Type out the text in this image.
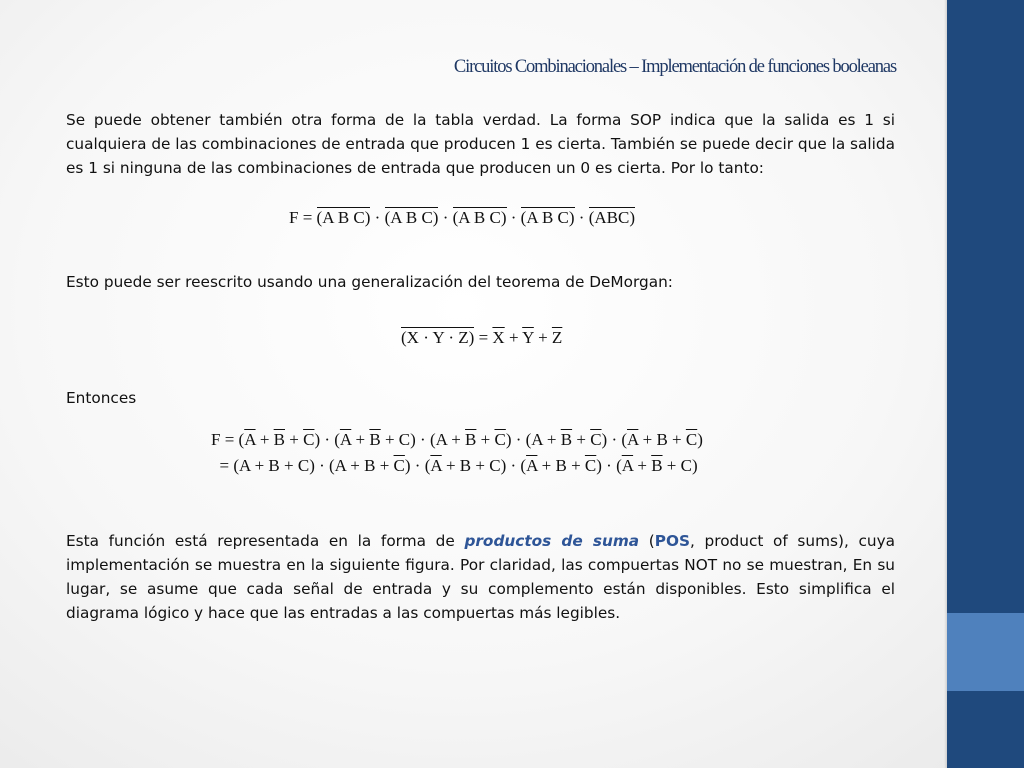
Circuitos Combinacionales – Implementación de funciones booleanas

Se puede obtener también otra forma de la tabla verdad. La forma SOP indica que la salida es 1 si cualquiera de las combinaciones de entrada que producen 1 es cierta. También se puede decir que la salida es 1 si ninguna de las combinaciones de entrada que producen un 0 es cierta. Por lo tanto:

$F = (\overline{A}$ $\overline{B}$ $\overline{C}) \cdot (\overline{A}$ $\overline{B}$ $C) \cdot (\overline{A}$ B $\overline{C}) \cdot (\overline{A}$ B C) · (ABC)

Esto puede ser reescrito usando una generalización del teorema de DeMorgan:

$(X \cdot Y \cdot Z) = \overline{X} + \overline{Y} + \overline{Z}$

Entonces

$F = (\overline{A} + \overline{B} + \overline{C}) \cdot (\overline{A} + \overline{B} + C) \cdot (A + \overline{B} + \overline{C}) \cdot (A + \overline{B} + \overline{C}) \cdot (\overline{A} + B + \overline{C})$
= $(A + B + C) \cdot (A + B + \overline{C}) \cdot (\overline{A} + B + C) \cdot (\overline{A} + B + \overline{C}) \cdot (\overline{A} + \overline{B} + C)$

Esta función está representada en la forma de productos de suma (POS, product of sums), cuya implementación se muestra en la siguiente figura. Por claridad, las compuertas NOT no se muestran, En su lugar, se asume que cada señal de entrada y su complemento están disponibles. Esto simplifica el diagrama lógico y hace que las entradas a las compuertas más legibles.
